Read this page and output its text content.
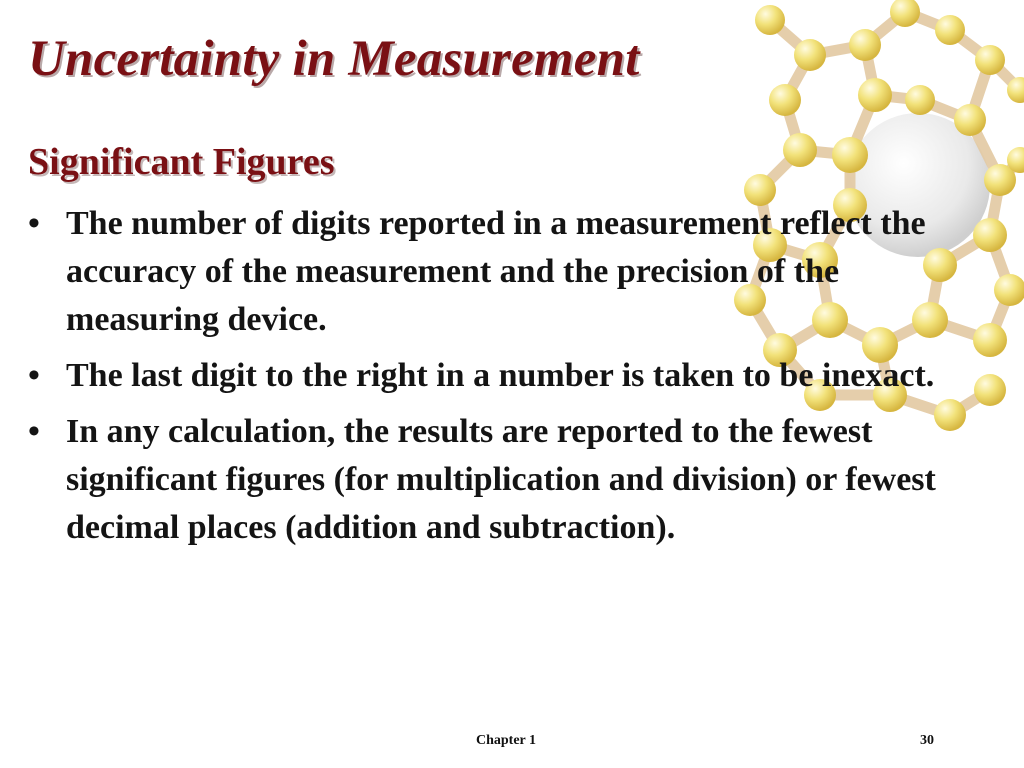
Uncertainty in Measurement
Significant Figures
• The number of digits reported in a measurement reflect the accuracy of the measurement and the precision of the measuring device.
• The last digit to the right in a number is taken to be inexact.
• In any calculation, the results are reported to the fewest significant figures (for multiplication and division) or fewest decimal places (addition and subtraction).
Chapter 1	30
